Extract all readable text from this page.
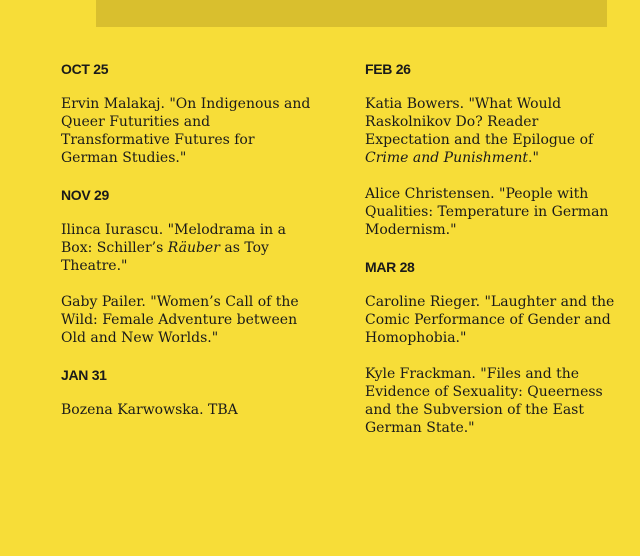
OCT 25

Ervin Malakaj. "On Indigenous and Queer Futurities and Transformative Futures for German Studies."

NOV 29

Ilinca Iurascu. "Melodrama in a Box: Schiller’s Räuber as Toy Theatre."

Gaby Pailer. "Women’s Call of the Wild: Female Adventure between Old and New Worlds."

JAN 31

Bozena Karwowska. TBA

FEB 26

Katia Bowers. "What Would Raskolnikov Do? Reader Expectation and the Epilogue of Crime and Punishment."

Alice Christensen. "People with Qualities: Temperature in German Modernism."

MAR 28

Caroline Rieger. "Laughter and the Comic Performance of Gender and Homophobia."

Kyle Frackman. "Files and the Evidence of Sexuality: Queerness and the Subversion of the East German State."
